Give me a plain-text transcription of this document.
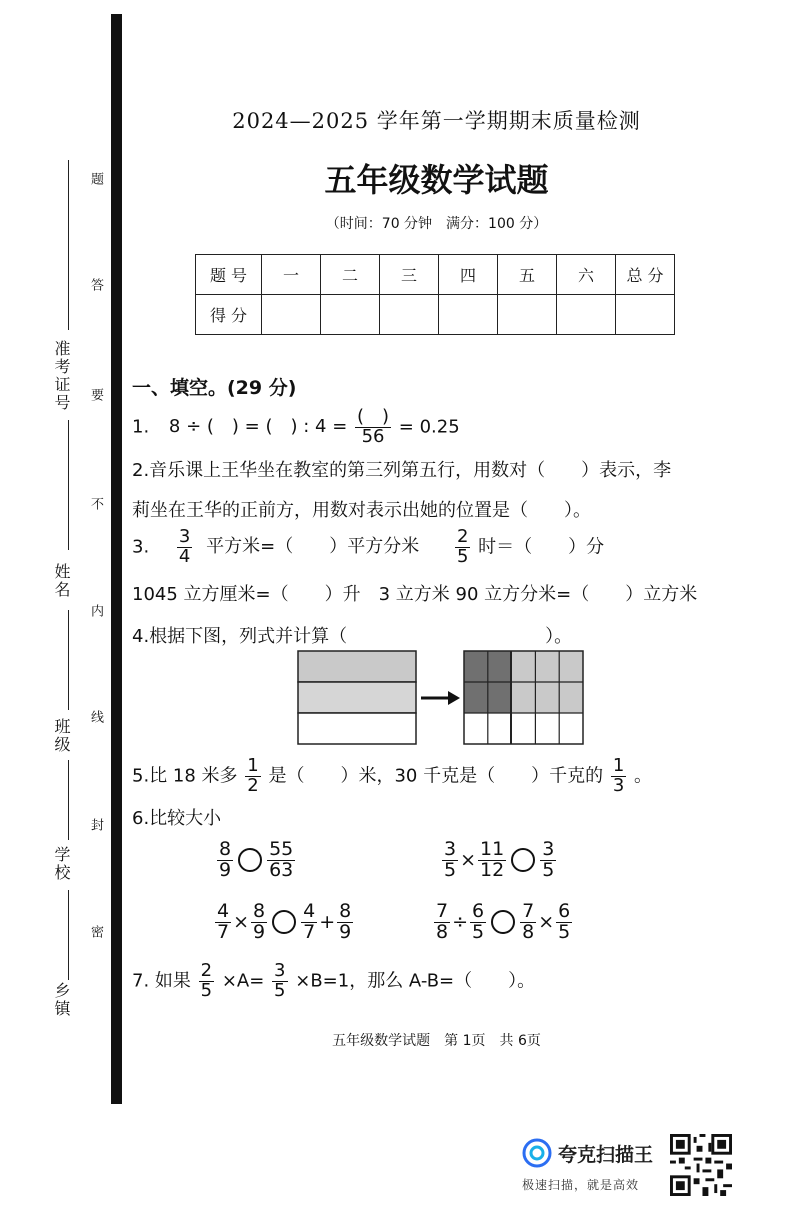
准考证号
姓名
班级
学校
乡镇
题
答
要
不
内
线
封
密
2024—2025 学年第一学期期末质量检测
五年级数学试题
（时间：70 分钟　满分：100 分）
题 号	一	二	三	四	五	六	总 分
得 分							
一、填空。(29 分)
1. 8 ÷ (　) = (　) : $4 = \frac{( )}{56} = 0.25$
2.音乐课上王华坐在教室的第三列第五行，用数对（　　）表示，李
莉坐在王华的正前方，用数对表示出她的位置是（　　）。
3. $\frac{3}{4}$ 平方米=（　　）平方分米 $\frac{2}{5}$ 时＝（　　）分
1045 立方厘米=（　　）升　3 立方米 90 立方分米=（　　）立方米
4.根据下图，列式并计算（　　　　　　　　　　　）。
5.比 18 米多 $\frac{1}{2}$ 是（　　）米，30 千克是（　　）千克的 $\frac{1}{3}$ 。
6.比较大小
$\frac{8}{9} \frac{55}{63}$	$\frac{3}{5} \times \frac{11}{12} \frac{3}{5}$
$\frac{4}{7} \times \frac{8}{9} \frac{4}{7} + \frac{8}{9}$	$\frac{7}{8} \div \frac{6}{5} \frac{7}{8} \times \frac{6}{5}$
7. 如果 $\frac{2}{5} \times A= \frac{3}{5} \times B=1$，那么 A-B=（　　）。
五年级数学试题　第 1页　共 6页
夸克扫描王
极速扫描，就是高效
